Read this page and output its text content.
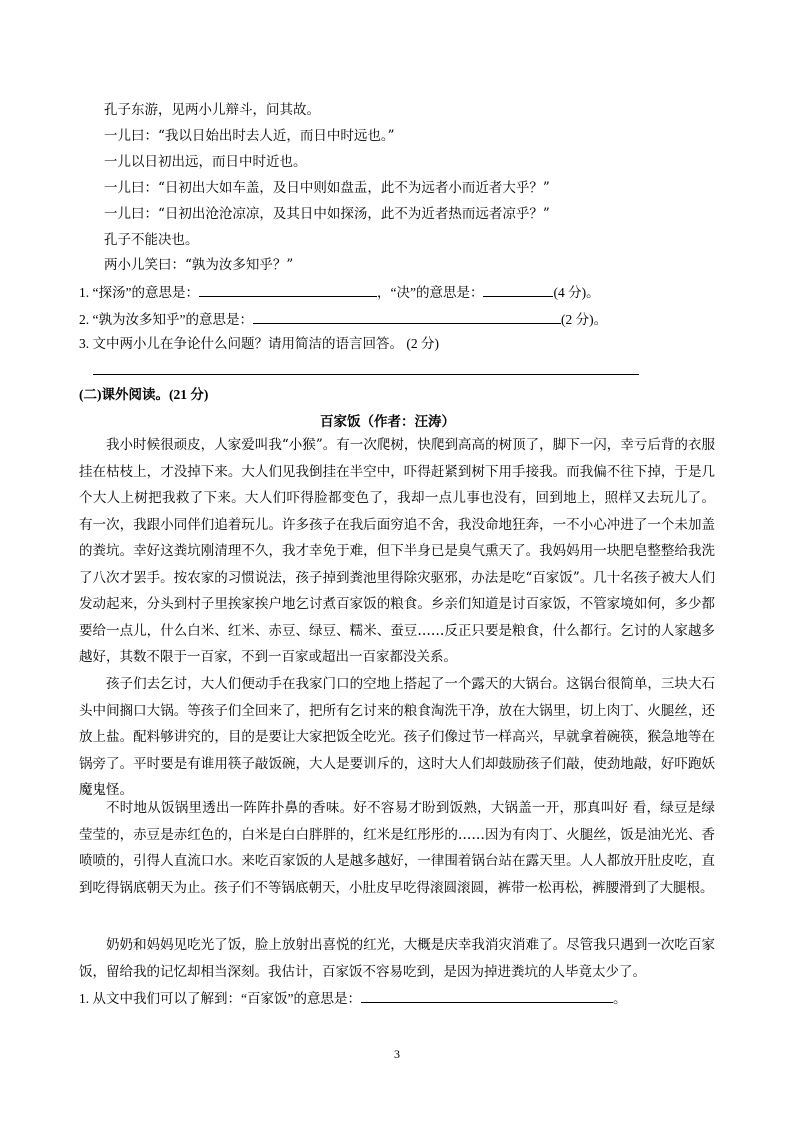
孔子东游，见两小儿辩斗，问其故。
一儿曰：“我以日始出时去人近，而日中时远也。”
一儿以日初出远，而日中时近也。
一儿曰：“日初出大如车盖，及日中则如盘盂，此不为远者小而近者大乎？”
一儿曰：“日初出沧沧凉凉，及其日中如探汤，此不为近者热而远者凉乎？”
孔子不能决也。
两小儿笑曰：“孰为汝多知乎？”
1. “探汤”的意思是：	，“决”的意思是：	(4 分)。
2. “孰为汝多知乎”的意思是：	(2 分)。
3. 文中两小儿在争论什么问题？请用简洁的语言回答。 (2 分)
(二)课外阅读。(21 分)
百家饭（作者：汪涛）
我小时候很顽皮，人家爱叫我“小猴”。有一次爬树，快爬到高高的树顶了，脚下一闪，幸亏后背的衣服挂在枯枝上，才没掉下来。大人们见我倒挂在半空中，吓得赶紧到树下用手接我。而我偏不往下掉，于是几个大人上树把我救了下来。大人们吓得脸都变色了，我却一点儿事也没有，回到地上，照样又去玩儿了。 有一次，我跟小同伴们追着玩儿。许多孩子在我后面穷追不舍，我没命地狂奔，一不小心冲进了一个未加盖的粪坑。幸好这粪坑刚清理不久，我才幸免于难，但下半身已是臭气熏天了。我妈妈用一块肥皂整整给我洗了八次才罢手。按农家的习惯说法，孩子掉到粪池里得除灾驱邪，办法是吃“百家饭”。几十名孩子被大人们发动起来，分头到村子里挨家挨户地乞讨煮百家饭的粮食。乡亲们知道是讨百家饭，不管家境如何，多少都要给一点儿，什么白米、红米、赤豆、绿豆、糯米、蚕豆……反正只要是粮食，什么都行。乞讨的人家越多越好，其数不限于一百家，不到一百家或超出一百家都没关系。
孩子们去乞讨，大人们便动手在我家门口的空地上搭起了一个露天的大锅台。这锅台很简单，三块大石头中间搁口大锅。等孩子们全回来了，把所有乞讨来的粮食淘洗干净，放在大锅里，切上肉丁、火腿丝，还放上盐。配料够讲究的，目的是要让大家把饭全吃光。孩子们像过节一样高兴，早就拿着碗筷，猴急地等在锅旁了。平时要是有谁用筷子敲饭碗，大人是要训斥的，这时大人们却鼓励孩子们敲，使劲地敲，好吓跑妖魔鬼怪。
不时地从饭锅里透出一阵阵扑鼻的香味。好不容易才盼到饭熟，大锅盖一开，那真叫好 看，绿豆是绿莹莹的，赤豆是赤红色的，白米是白白胖胖的，红米是红彤彤的……因为有肉丁、火腿丝，饭是油光光、香喷喷的，引得人直流口水。来吃百家饭的人是越多越好，一律围着锅台站在露天里。人人都放开肚皮吃，直到吃得锅底朝天为止。孩子们不等锅底朝天，小肚皮早吃得滚圆滚圆，裤带一松再松，裤腰滑到了大腿根。
奶奶和妈妈见吃光了饭，脸上放射出喜悦的红光，大概是庆幸我消灾消难了。尽管我只遇到一次吃百家饭，留给我的记忆却相当深刻。我估计，百家饭不容易吃到，是因为掉进粪坑的人毕竟太少了。
1. 从文中我们可以了解到：“百家饭”的意思是：	。
3
